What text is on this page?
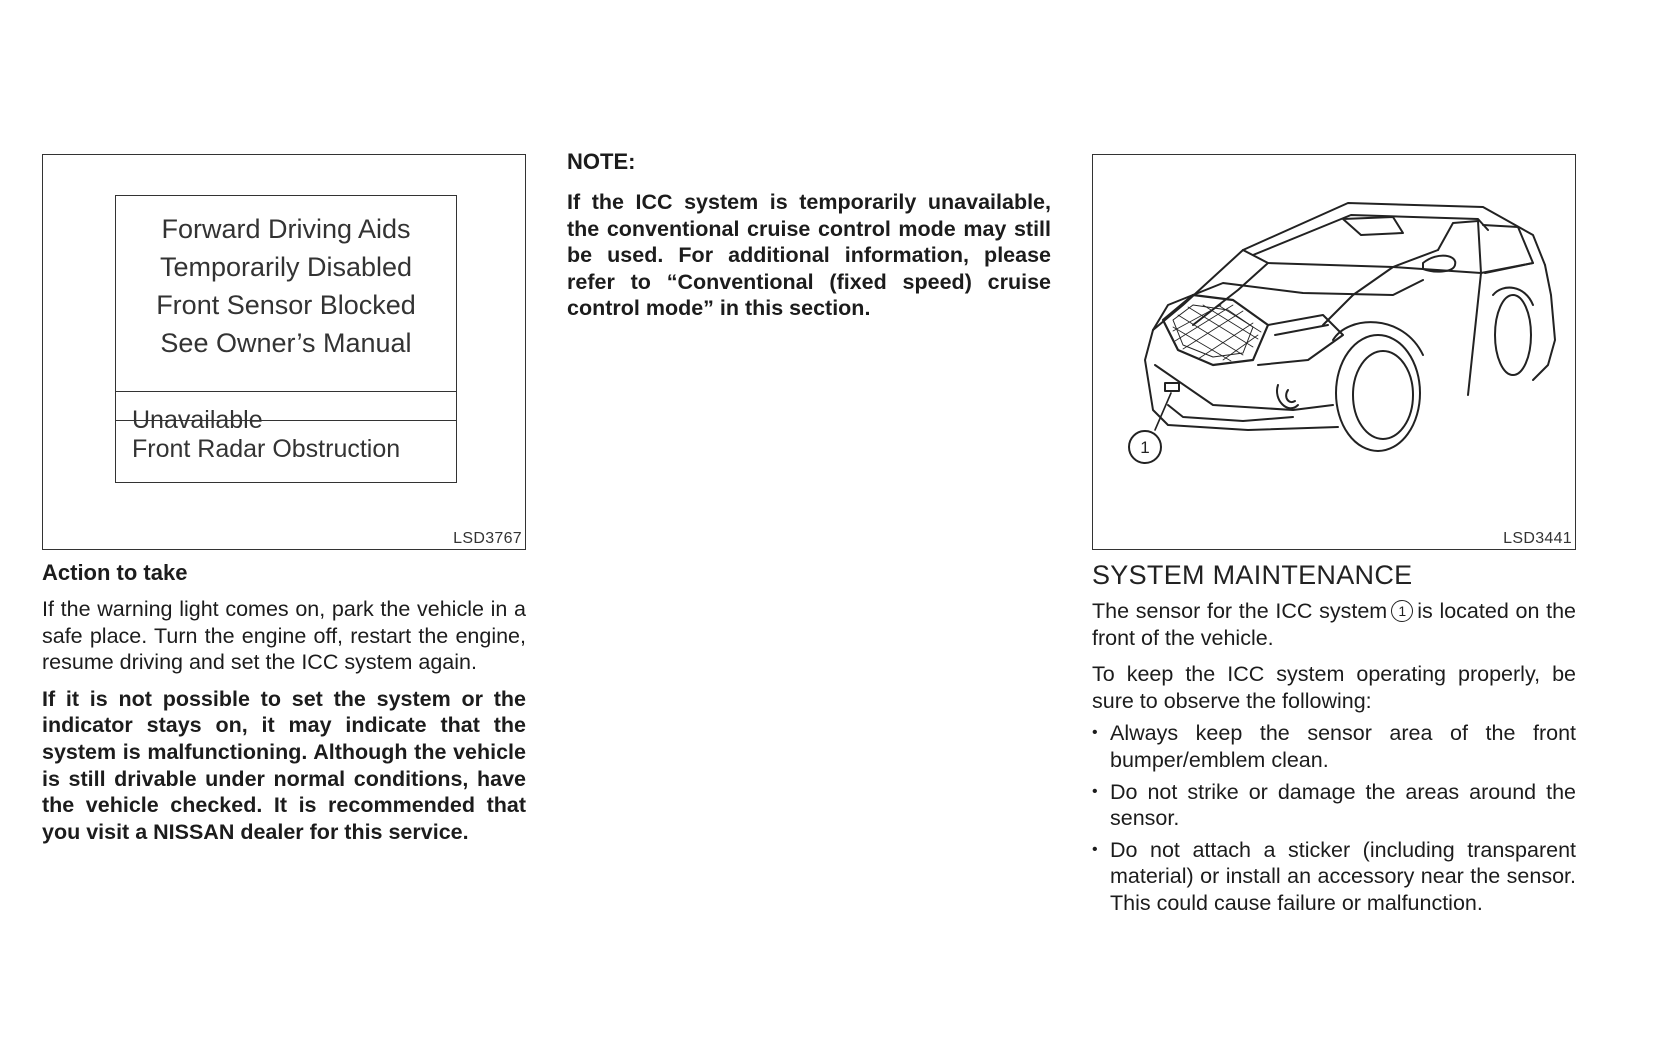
Forward Driving Aids
Temporarily Disabled
Front Sensor Blocked
See Owner’s Manual
Unavailable
Front Radar Obstruction
LSD3767
Action to take

If the warning light comes on, park the vehicle in a safe place. Turn the engine off, restart the engine, resume driving and set the ICC system again.

If it is not possible to set the system or the indicator stays on, it may indicate that the system is malfunctioning. Although the vehicle is still drivable under normal conditions, have the vehicle checked. It is recommended that you visit a NISSAN dealer for this service.

NOTE:

If the ICC system is temporarily unavailable, the conventional cruise control mode may still be used. For additional information, please refer to “Conventional (fixed speed) cruise control mode” in this section.

1
LSD3441
SYSTEM MAINTENANCE

The sensor for the ICC system 1 is located on the front of the vehicle.

To keep the ICC system operating properly, be sure to observe the following:

• Always keep the sensor area of the front bumper/emblem clean.
• Do not strike or damage the areas around the sensor.
• Do not attach a sticker (including transparent material) or install an accessory near the sensor. This could cause failure or malfunction.
